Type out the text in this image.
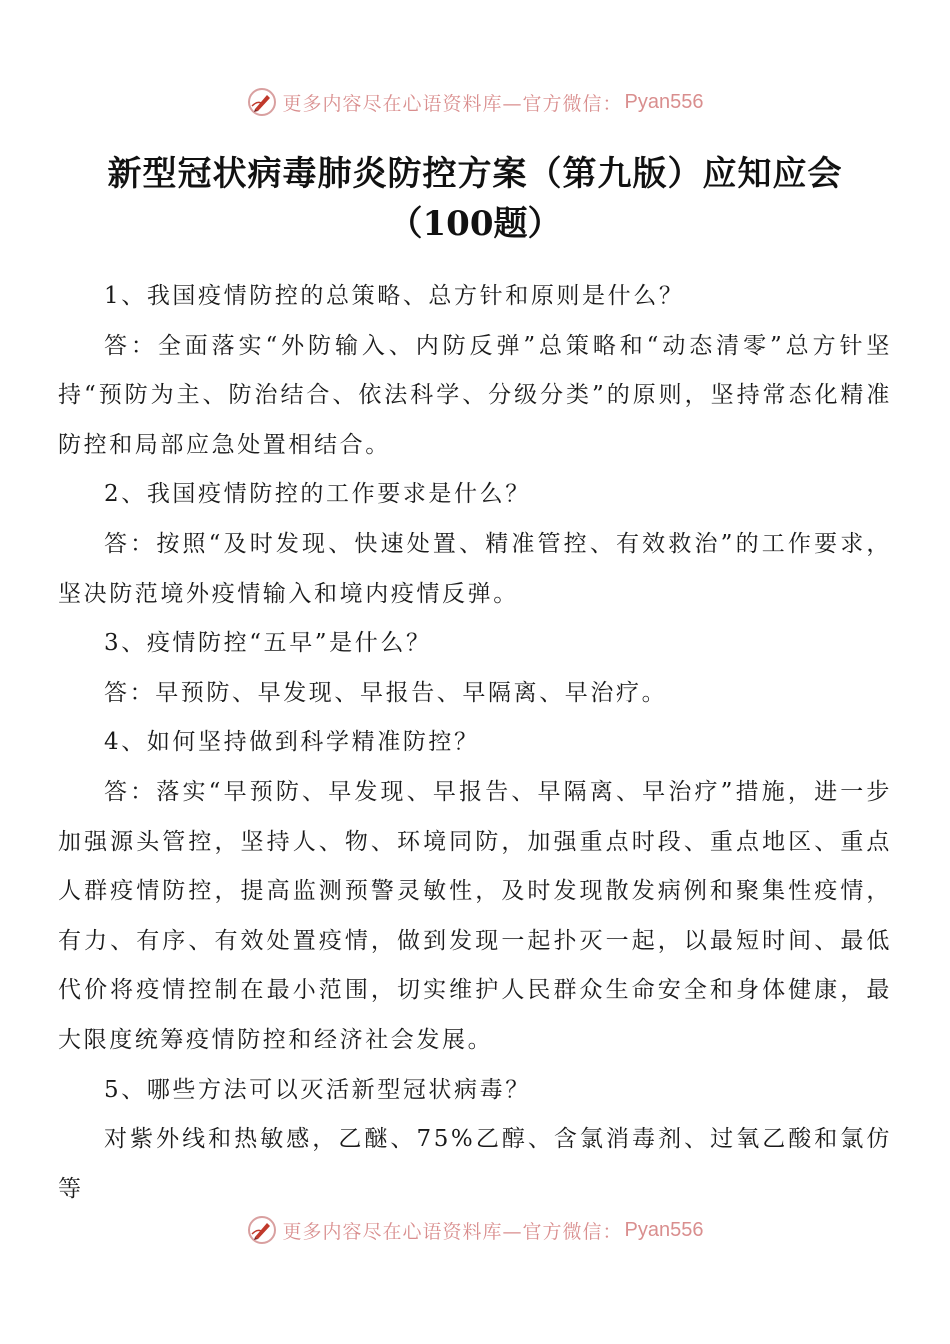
更多内容尽在心语资料库—官方微信： Pyan556
新型冠状病毒肺炎防控方案（第九版）应知应会
（100题）

1、我国疫情防控的总策略、总方针和原则是什么？

答：全面落实“外防输入、内防反弹”总策略和“动态清零”总方针坚持“预防为主、防治结合、依法科学、分级分类”的原则，坚持常态化精准防控和局部应急处置相结合。

2、我国疫情防控的工作要求是什么？

答：按照“及时发现、快速处置、精准管控、有效救治”的工作要求，坚决防范境外疫情输入和境内疫情反弹。

3、疫情防控“五早”是什么？

答：早预防、早发现、早报告、早隔离、早治疗。

4、如何坚持做到科学精准防控？

答：落实“早预防、早发现、早报告、早隔离、早治疗”措施，进一步加强源头管控，坚持人、物、环境同防，加强重点时段、重点地区、重点人群疫情防控，提高监测预警灵敏性，及时发现散发病例和聚集性疫情，有力、有序、有效处置疫情，做到发现一起扑灭一起，以最短时间、最低代价将疫情控制在最小范围，切实维护人民群众生命安全和身体健康，最大限度统筹疫情防控和经济社会发展。

5、哪些方法可以灭活新型冠状病毒？

对紫外线和热敏感，乙醚、75%乙醇、含氯消毒剂、过氧乙酸和氯仿等

更多内容尽在心语资料库—官方微信： Pyan556
